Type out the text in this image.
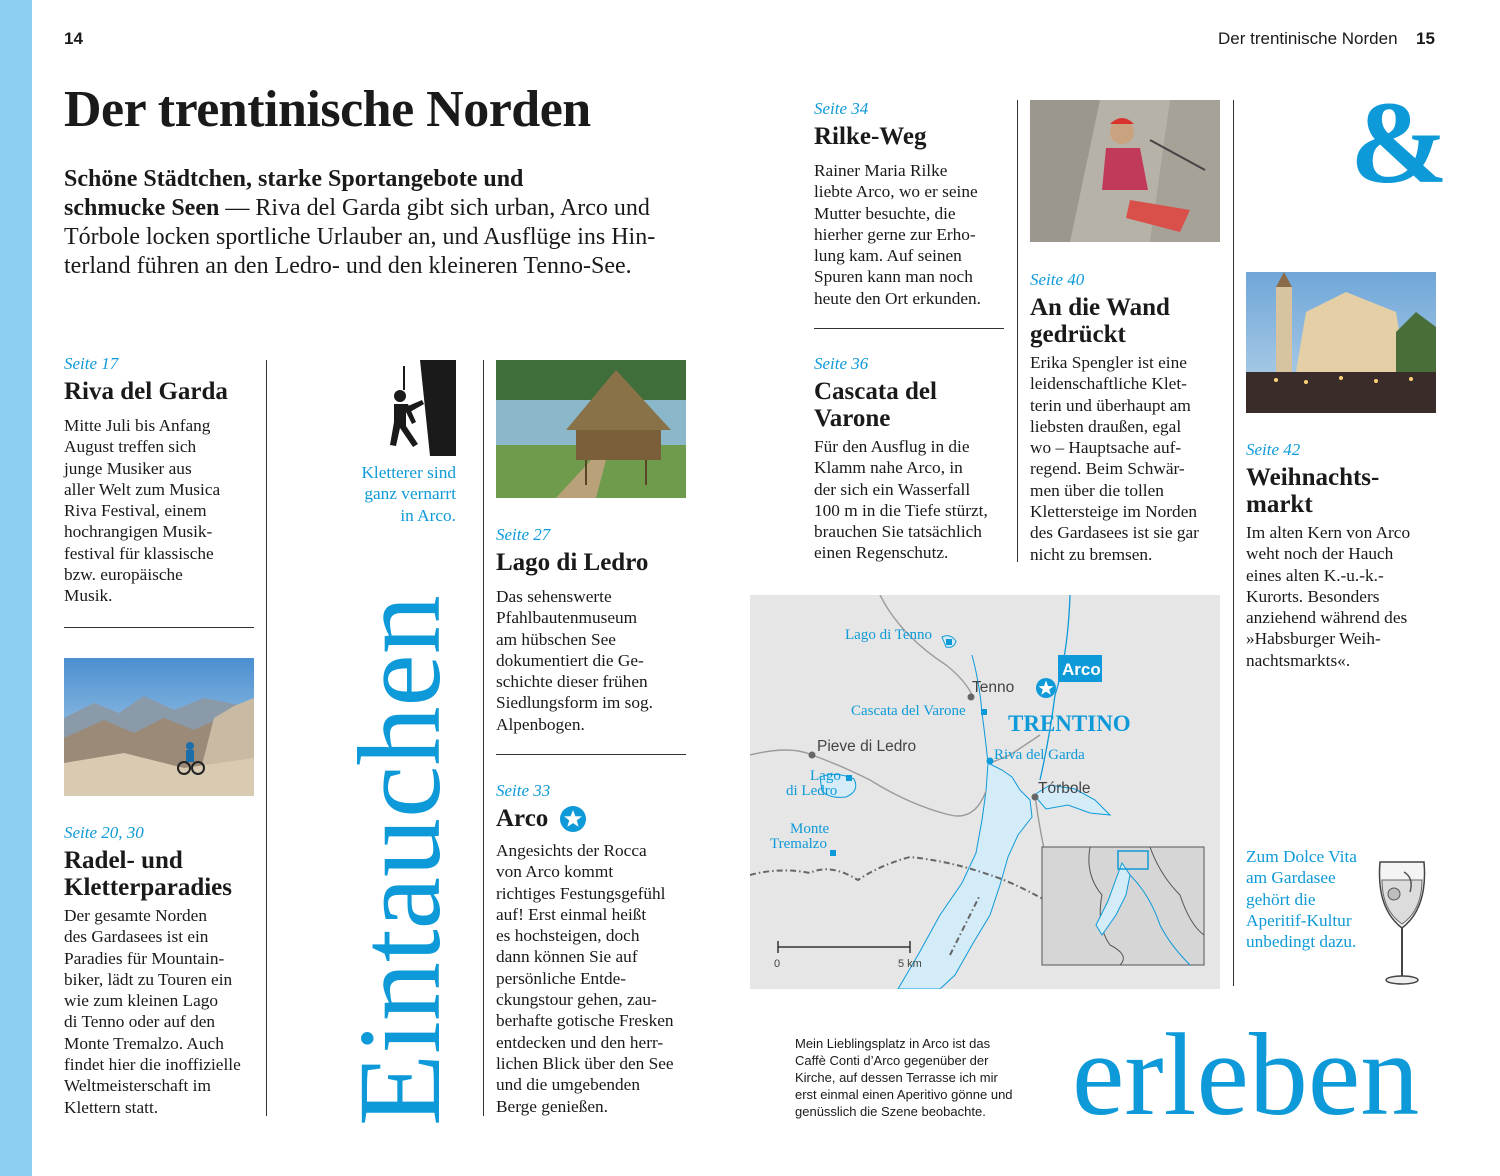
14	Der trentinische Norden 15
Der trentinische Norden
Schöne Städtchen, starke Sportangebote und
schmucke Seen — Riva del Garda gibt sich urban, Arco und
Tórbole locken sportliche Urlauber an, und Ausflüge ins Hin-
terland führen an den Ledro- und den kleineren Tenno-See.
Seite 17
Riva del Garda
Mitte Juli bis Anfang
August treffen sich
junge Musiker aus
aller Welt zum Musica
Riva Festival, einem
hochrangigen Musik-
festival für klassische
bzw. europäische
Musik.
Seite 20, 30
Radel- und
Kletterparadies
Der gesamte Norden
des Gardasees ist ein
Paradies für Mountain-
biker, lädt zu Touren ein
wie zum kleinen Lago
di Tenno oder auf den
Monte Tremalzo. Auch
findet hier die inoffizielle
Weltmeisterschaft im
Klettern statt.
Kletterer sind
ganz vernarrt
in Arco.
Eintauchen
Seite 27
Lago di Ledro
Das sehenswerte
Pfahlbautenmuseum
am hübschen See
dokumentiert die Ge-
schichte dieser frühen
Siedlungsform im sog.
Alpenbogen.
Seite 33
Arco
Angesichts der Rocca
von Arco kommt
richtiges Festungsgefühl
auf! Erst einmal heißt
es hochsteigen, doch
dann können Sie auf
persönliche Entde-
ckungstour gehen, zau-
berhafte gotische Fresken
entdecken und den herr-
lichen Blick über den See
und die umgebenden
Berge genießen.
Seite 34
Rilke-Weg
Rainer Maria Rilke
liebte Arco, wo er seine
Mutter besuchte, die
hierher gerne zur Erho-
lung kam. Auf seinen
Spuren kann man noch
heute den Ort erkunden.
Seite 36
Cascata del
Varone
Für den Ausflug in die
Klamm nahe Arco, in
der sich ein Wasserfall
100 m in die Tiefe stürzt,
brauchen Sie tatsächlich
einen Regenschutz.
Seite 40
An die Wand
gedrückt
Erika Spengler ist eine
leidenschaftliche Klet-
terin und überhaupt am
liebsten draußen, egal
wo – Hauptsache auf-
regend. Beim Schwär-
men über die tollen
Klettersteige im Norden
des Gardasees ist sie gar
nicht zu bremsen.
&
Seite 42
Weihnachts-
markt
Im alten Kern von Arco
weht noch der Hauch
eines alten K.-u.-k.-
Kurorts. Besonders
anziehend während des
»Habsburger Weih-
nachtsmarkts«.
Zum Dolce Vita
am Gardasee
gehört die
Aperitif-Kultur
unbedingt dazu.
0	5 km
Lago di Tenno
Tenno
Arco
Cascata del Varone TRENTINO
Pieve di Ledro	Riva del Garda
Lago
di Ledro	Tórbole
Monte
Tremalzo
Mein Lieblingsplatz in Arco ist das
Caffè Conti d’Arco gegenüber der
Kirche, auf dessen Terrasse ich mir
erst einmal einen Aperitivo gönne und
genüsslich die Szene beobachte. erleben
